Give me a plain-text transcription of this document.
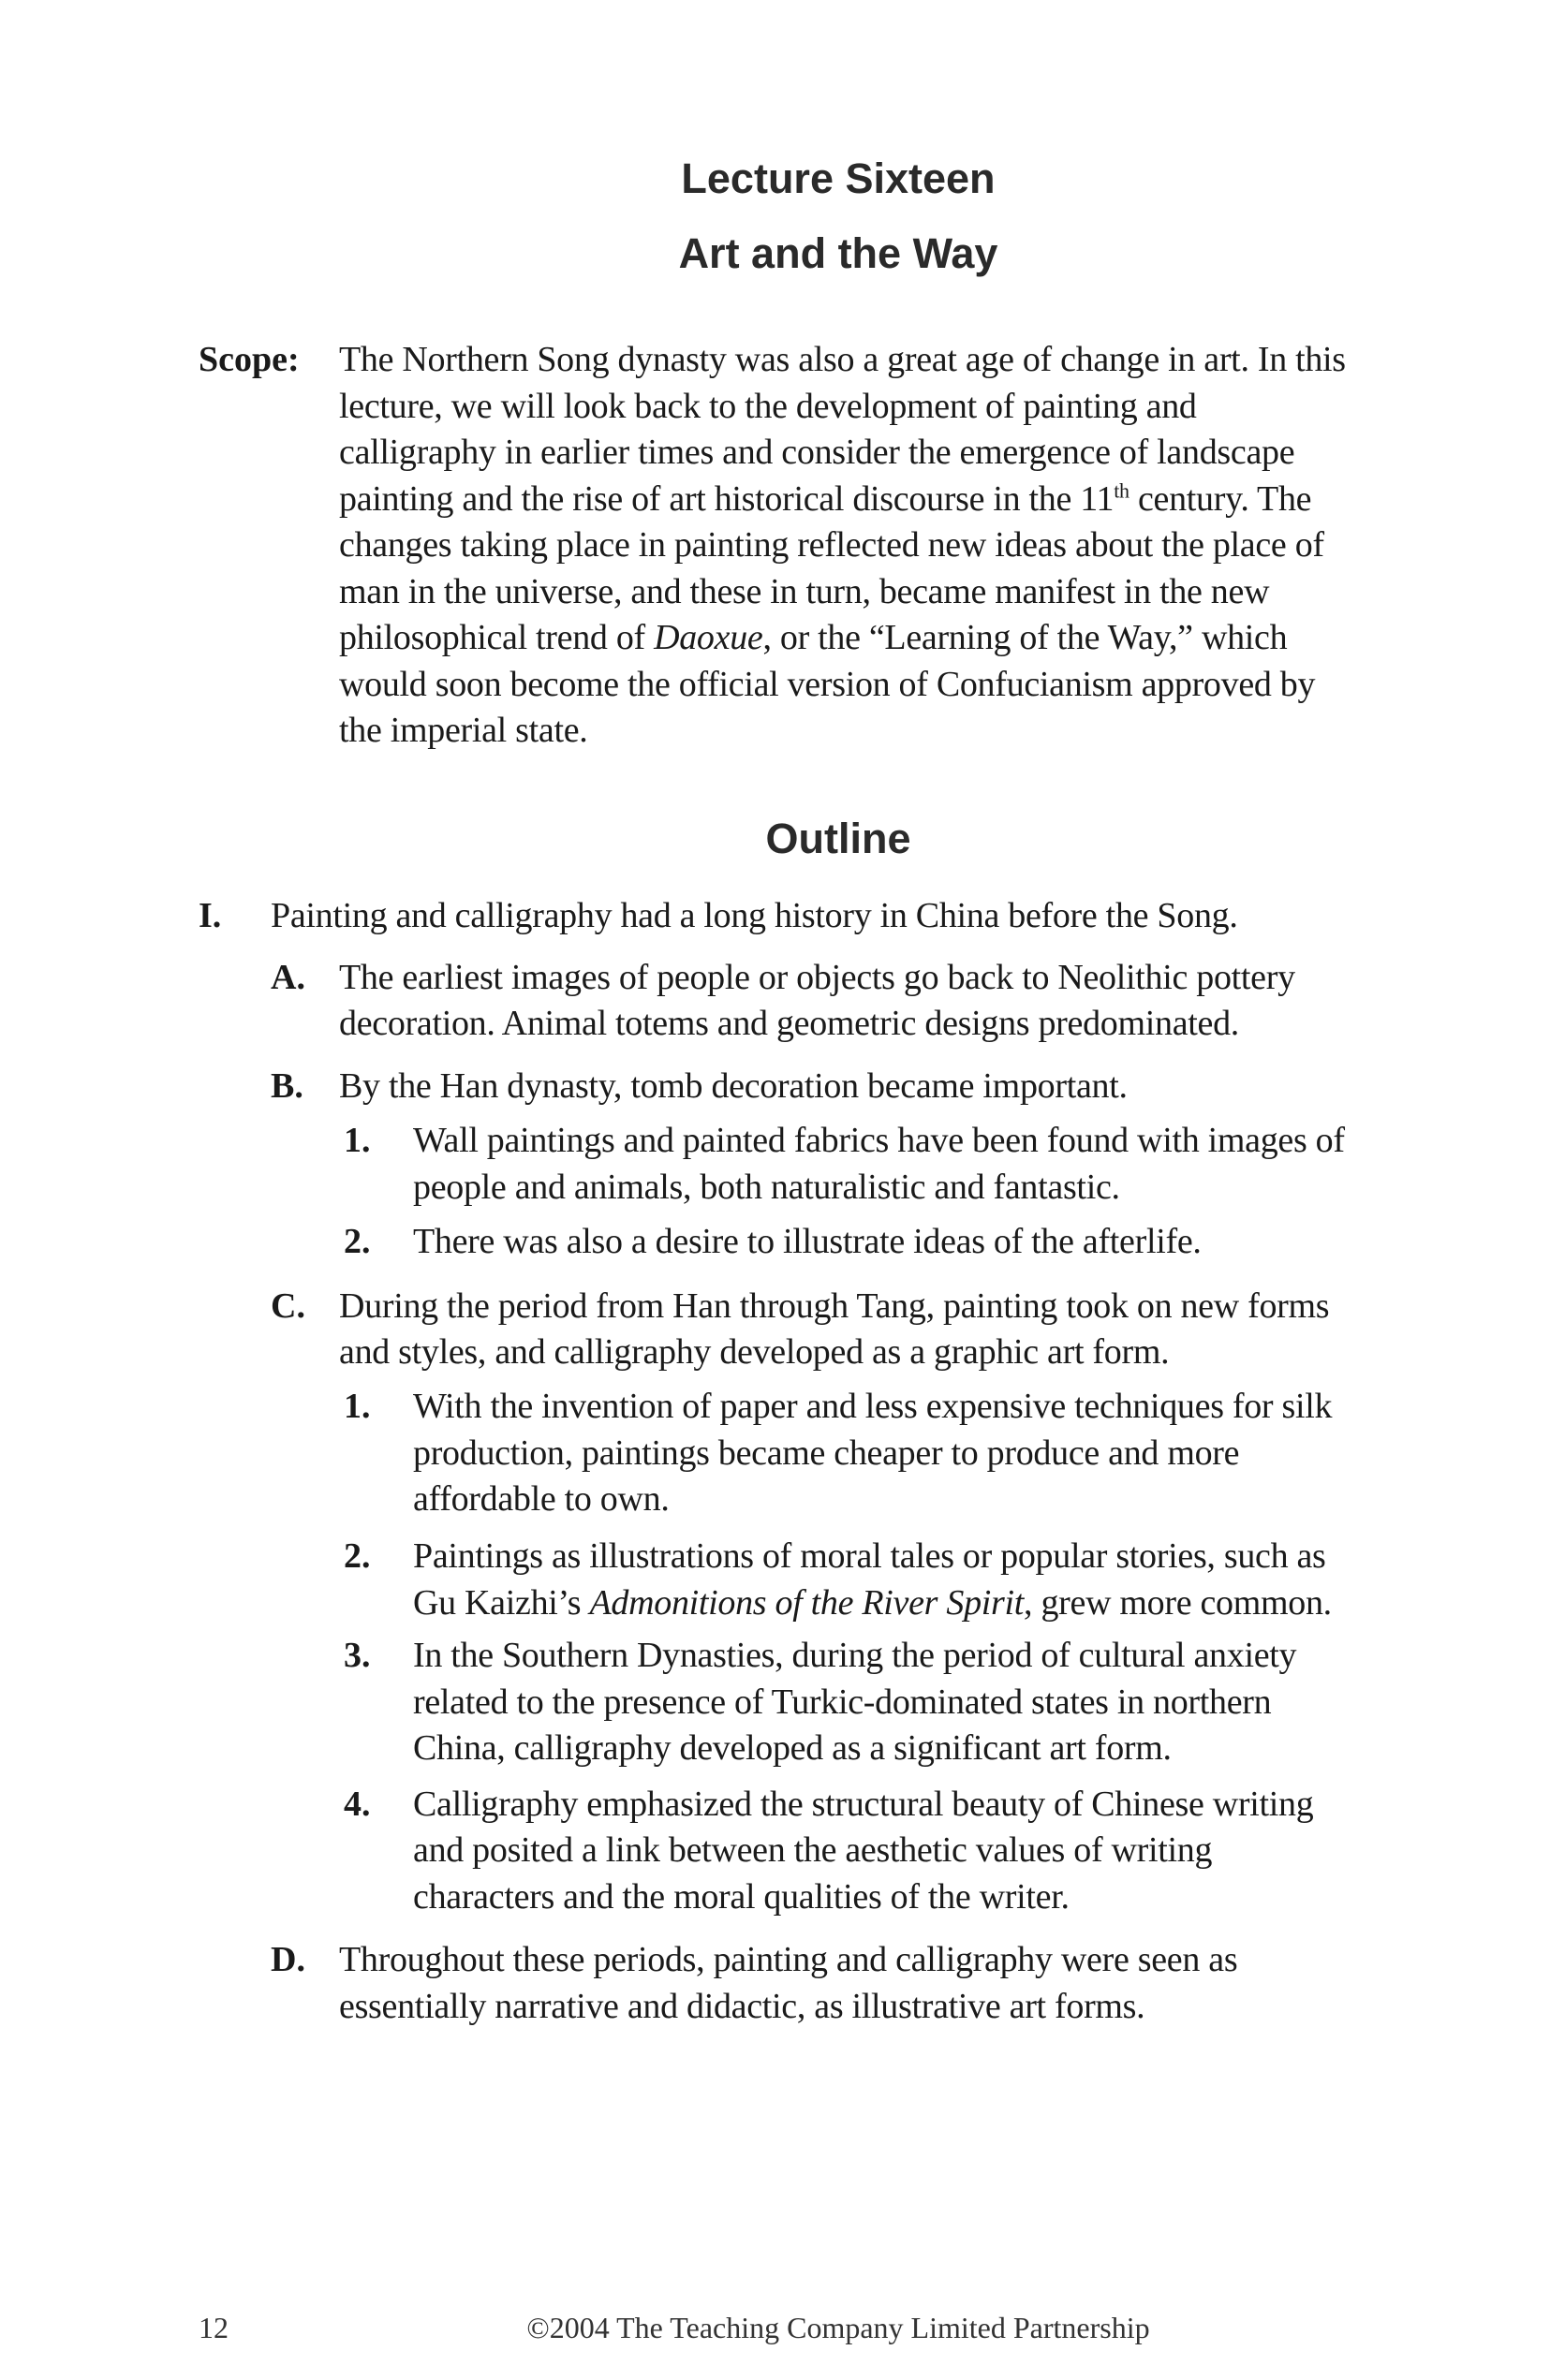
Lecture Sixteen
Art and the Way
Scope: The Northern Song dynasty was also a great age of change in art. In this
lecture, we will look back to the development of painting and
calligraphy in earlier times and consider the emergence of landscape
painting and the rise of art historical discourse in the 11th century. The
changes taking place in painting reflected new ideas about the place of
man in the universe, and these in turn, became manifest in the new
philosophical trend of Daoxue, or the “Learning of the Way,” which
would soon become the official version of Confucianism approved by
the imperial state.
Outline
I. Painting and calligraphy had a long history in China before the Song.
A. The earliest images of people or objects go back to Neolithic pottery
decoration. Animal totems and geometric designs predominated.
B. By the Han dynasty, tomb decoration became important.
1. Wall paintings and painted fabrics have been found with images of
people and animals, both naturalistic and fantastic.
2. There was also a desire to illustrate ideas of the afterlife.
C. During the period from Han through Tang, painting took on new forms
and styles, and calligraphy developed as a graphic art form.
1. With the invention of paper and less expensive techniques for silk
production, paintings became cheaper to produce and more
affordable to own.
2. Paintings as illustrations of moral tales or popular stories, such as
Gu Kaizhi’s Admonitions of the River Spirit, grew more common.
3. In the Southern Dynasties, during the period of cultural anxiety
related to the presence of Turkic-dominated states in northern
China, calligraphy developed as a significant art form.
4. Calligraphy emphasized the structural beauty of Chinese writing
and posited a link between the aesthetic values of writing
characters and the moral qualities of the writer.
D. Throughout these periods, painting and calligraphy were seen as
essentially narrative and didactic, as illustrative art forms.
12	©2004 The Teaching Company Limited Partnership
